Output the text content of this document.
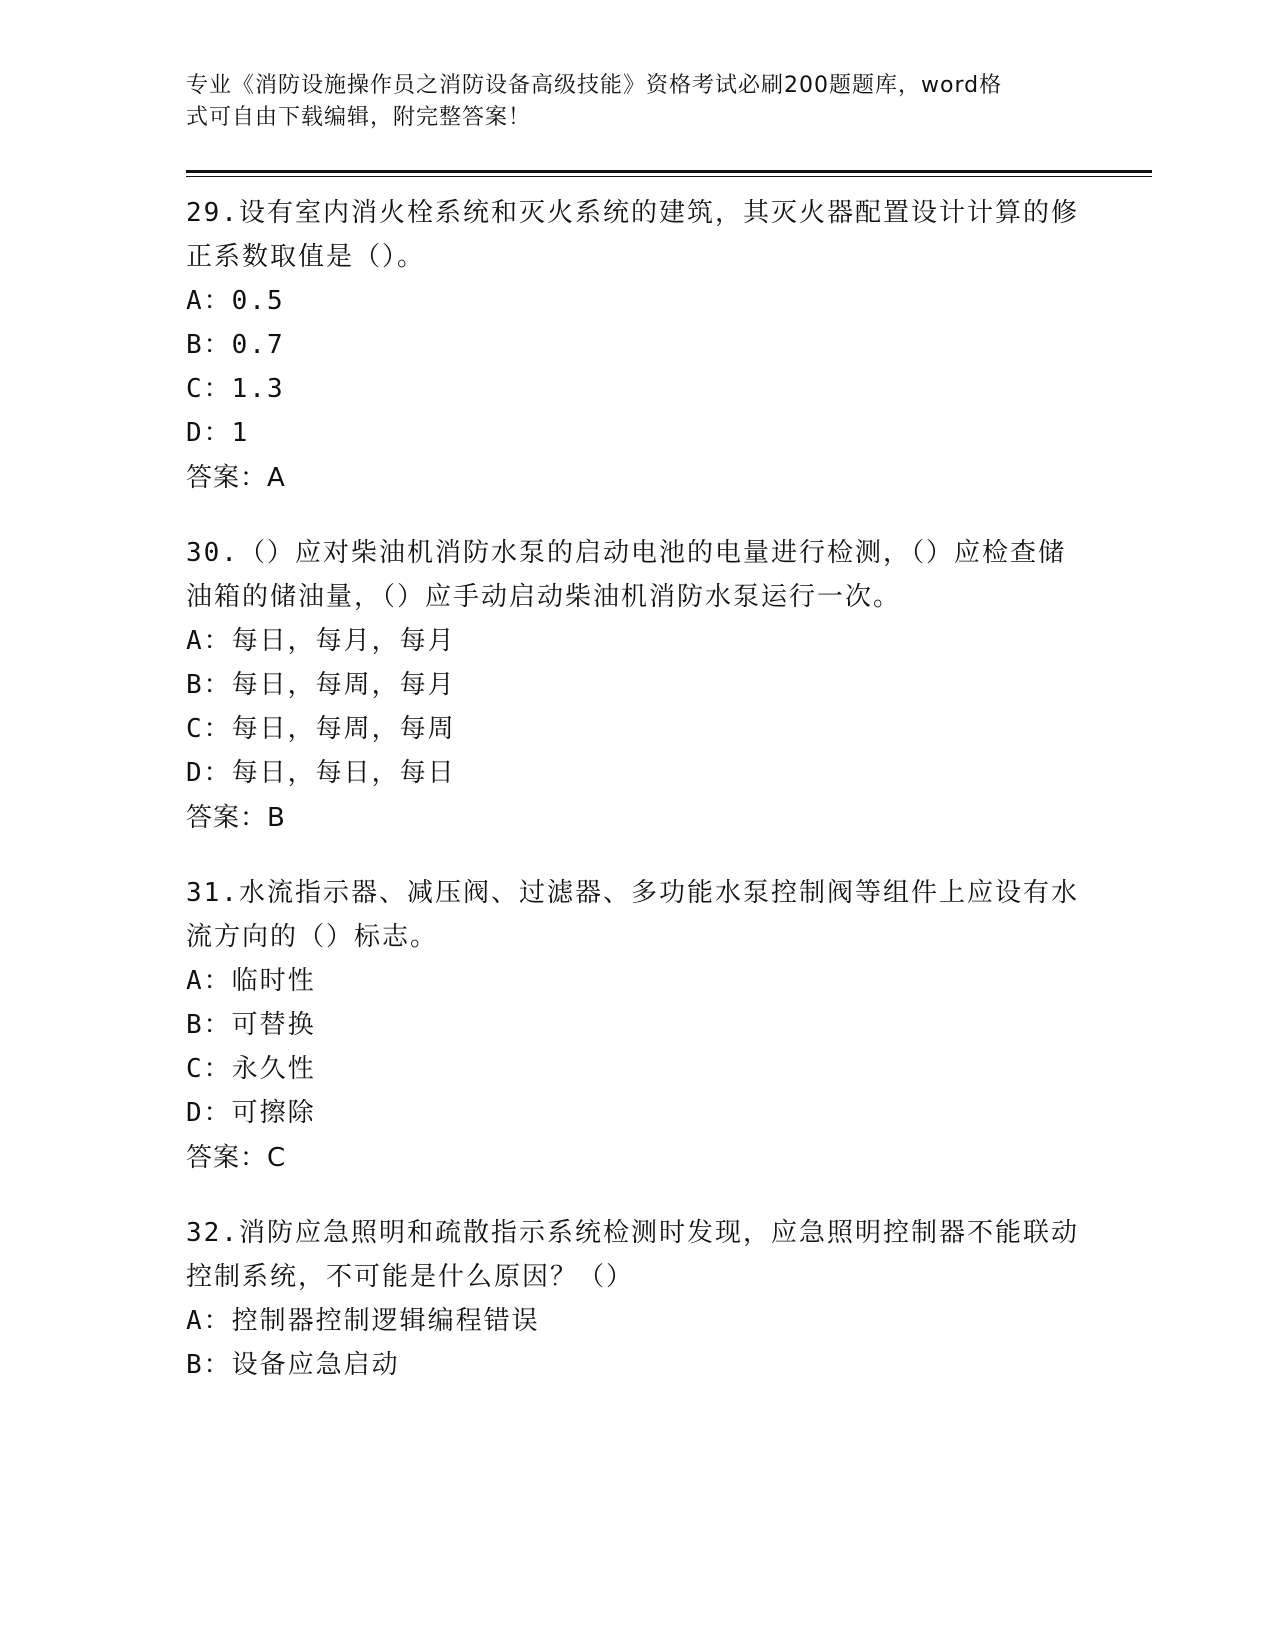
专业《消防设施操作员之消防设备高级技能》资格考试必刷200题题库，word格
式可自由下载编辑，附完整答案！

29.设有室内消火栓系统和灭火系统的建筑，其灭火器配置设计计算的修正系数取值是（）。

A：0.5

B：0.7

C：1.3

D：1

答案：A

30.（）应对柴油机消防水泵的启动电池的电量进行检测，（）应检查储油箱的储油量，（）应手动启动柴油机消防水泵运行一次。

A：每日，每月，每月

B：每日，每周，每月

C：每日，每周，每周

D：每日，每日，每日

答案：B

31.水流指示器、减压阀、过滤器、多功能水泵控制阀等组件上应设有水流方向的（）标志。

A：临时性

B：可替换

C：永久性

D：可擦除

答案：C

32.消防应急照明和疏散指示系统检测时发现，应急照明控制器不能联动控制系统，不可能是什么原因？（）

A：控制器控制逻辑编程错误

B：设备应急启动
